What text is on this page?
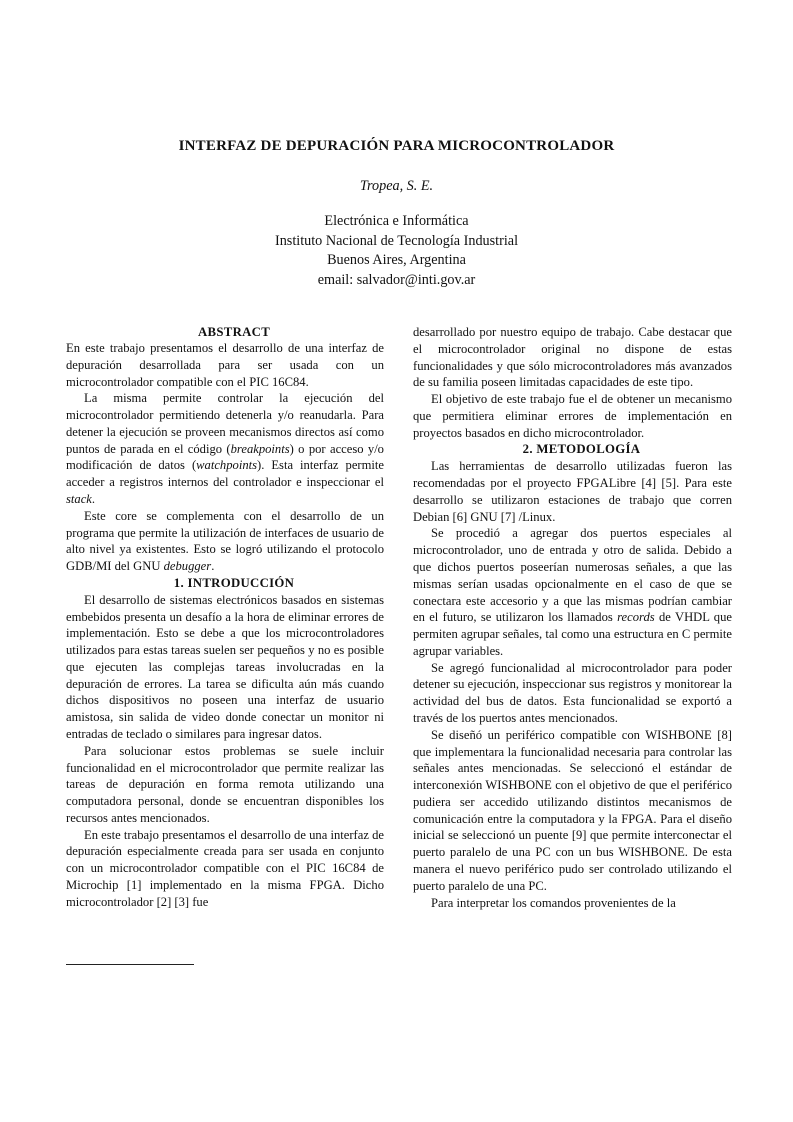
INTERFAZ DE DEPURACIÓN PARA MICROCONTROLADOR
Tropea, S. E.
Electrónica e Informática
Instituto Nacional de Tecnología Industrial
Buenos Aires, Argentina
email: salvador@inti.gov.ar

ABSTRACT

En este trabajo presentamos el desarrollo de una interfaz de depuración desarrollada para ser usada con un microcontrolador compatible con el PIC 16C84.

La misma permite controlar la ejecución del microcontrolador permitiendo detenerla y/o reanudarla. Para detener la ejecución se proveen mecanismos directos así como puntos de parada en el código (breakpoints) o por acceso y/o modificación de datos (watchpoints). Esta interfaz permite acceder a registros internos del controlador e inspeccionar el stack.

Este core se complementa con el desarrollo de un programa que permite la utilización de interfaces de usuario de alto nivel ya existentes. Esto se logró utilizando el protocolo GDB/MI del GNU debugger.

1. INTRODUCCIÓN

El desarrollo de sistemas electrónicos basados en sistemas embebidos presenta un desafío a la hora de eliminar errores de implementación. Esto se debe a que los microcontroladores utilizados para estas tareas suelen ser pequeños y no es posible que ejecuten las complejas tareas involucradas en la depuración de errores. La tarea se dificulta aún más cuando dichos dispositivos no poseen una interfaz de usuario amistosa, sin salida de video donde conectar un monitor ni entradas de teclado o similares para ingresar datos.

Para solucionar estos problemas se suele incluir funcionalidad en el microcontrolador que permite realizar las tareas de depuración en forma remota utilizando una computadora personal, donde se encuentran disponibles los recursos antes mencionados.

En este trabajo presentamos el desarrollo de una interfaz de depuración especialmente creada para ser usada en conjunto con un microcontrolador compatible con el PIC 16C84 de Microchip [1] implementado en la misma FPGA. Dicho microcontrolador [2] [3] fue

desarrollado por nuestro equipo de trabajo. Cabe destacar que el microcontrolador original no dispone de estas funcionalidades y que sólo microcontroladores más avanzados de su familia poseen limitadas capacidades de este tipo.

El objetivo de este trabajo fue el de obtener un mecanismo que permitiera eliminar errores de implementación en proyectos basados en dicho microcontrolador.

2. METODOLOGÍA

Las herramientas de desarrollo utilizadas fueron las recomendadas por el proyecto FPGALibre [4] [5]. Para este desarrollo se utilizaron estaciones de trabajo que corren Debian [6] GNU [7] /Linux.

Se procedió a agregar dos puertos especiales al microcontrolador, uno de entrada y otro de salida. Debido a que dichos puertos poseerían numerosas señales, a que las mismas serían usadas opcionalmente en el caso de que se conectara este accesorio y a que las mismas podrían cambiar en el futuro, se utilizaron los llamados records de VHDL que permiten agrupar señales, tal como una estructura en C permite agrupar variables.

Se agregó funcionalidad al microcontrolador para poder detener su ejecución, inspeccionar sus registros y monitorear la actividad del bus de datos. Esta funcionalidad se exportó a través de los puertos antes mencionados.

Se diseñó un periférico compatible con WISHBONE [8] que implementara la funcionalidad necesaria para controlar las señales antes mencionadas. Se seleccionó el estándar de interconexión WISHBONE con el objetivo de que el periférico pudiera ser accedido utilizando distintos mecanismos de comunicación entre la computadora y la FPGA. Para el diseño inicial se seleccionó un puente [9] que permite interconectar el puerto paralelo de una PC con un bus WISHBONE. De esta manera el nuevo periférico pudo ser controlado utilizando el puerto paralelo de una PC.

Para interpretar los comandos provenientes de la
